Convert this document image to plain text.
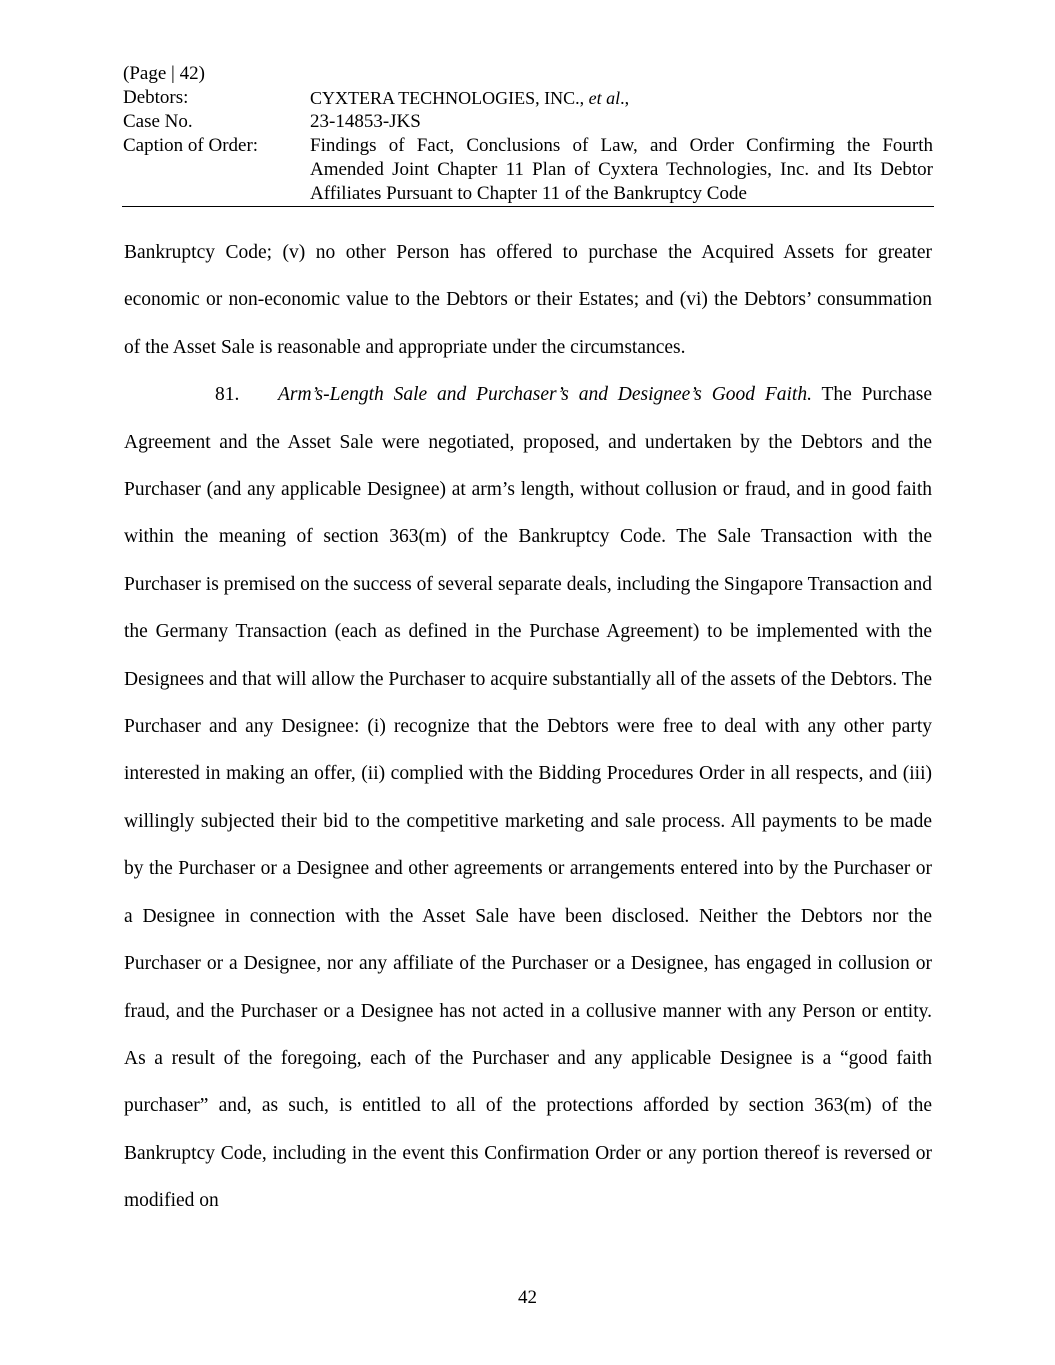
(Page | 42)
Debtors:	CYXTERA TECHNOLOGIES, INC., et al.,
Case No.	23-14853-JKS
Caption of Order:	Findings of Fact, Conclusions of Law, and Order Confirming the Fourth Amended Joint Chapter 11 Plan of Cyxtera Technologies, Inc. and Its Debtor Affiliates Pursuant to Chapter 11 of the Bankruptcy Code

Bankruptcy Code; (v) no other Person has offered to purchase the Acquired Assets for greater economic or non-economic value to the Debtors or their Estates; and (vi) the Debtors’ consummation of the Asset Sale is reasonable and appropriate under the circumstances.

81. Arm’s-Length Sale and Purchaser’s and Designee’s Good Faith. The Purchase Agreement and the Asset Sale were negotiated, proposed, and undertaken by the Debtors and the Purchaser (and any applicable Designee) at arm’s length, without collusion or fraud, and in good faith within the meaning of section 363(m) of the Bankruptcy Code. The Sale Transaction with the Purchaser is premised on the success of several separate deals, including the Singapore Transaction and the Germany Transaction (each as defined in the Purchase Agreement) to be implemented with the Designees and that will allow the Purchaser to acquire substantially all of the assets of the Debtors. The Purchaser and any Designee: (i) recognize that the Debtors were free to deal with any other party interested in making an offer, (ii) complied with the Bidding Procedures Order in all respects, and (iii) willingly subjected their bid to the competitive marketing and sale process. All payments to be made by the Purchaser or a Designee and other agreements or arrangements entered into by the Purchaser or a Designee in connection with the Asset Sale have been disclosed. Neither the Debtors nor the Purchaser or a Designee, nor any affiliate of the Purchaser or a Designee, has engaged in collusion or fraud, and the Purchaser or a Designee has not acted in a collusive manner with any Person or entity. As a result of the foregoing, each of the Purchaser and any applicable Designee is a “good faith purchaser” and, as such, is entitled to all of the protections afforded by section 363(m) of the Bankruptcy Code, including in the event this Confirmation Order or any portion thereof is reversed or modified on

42
